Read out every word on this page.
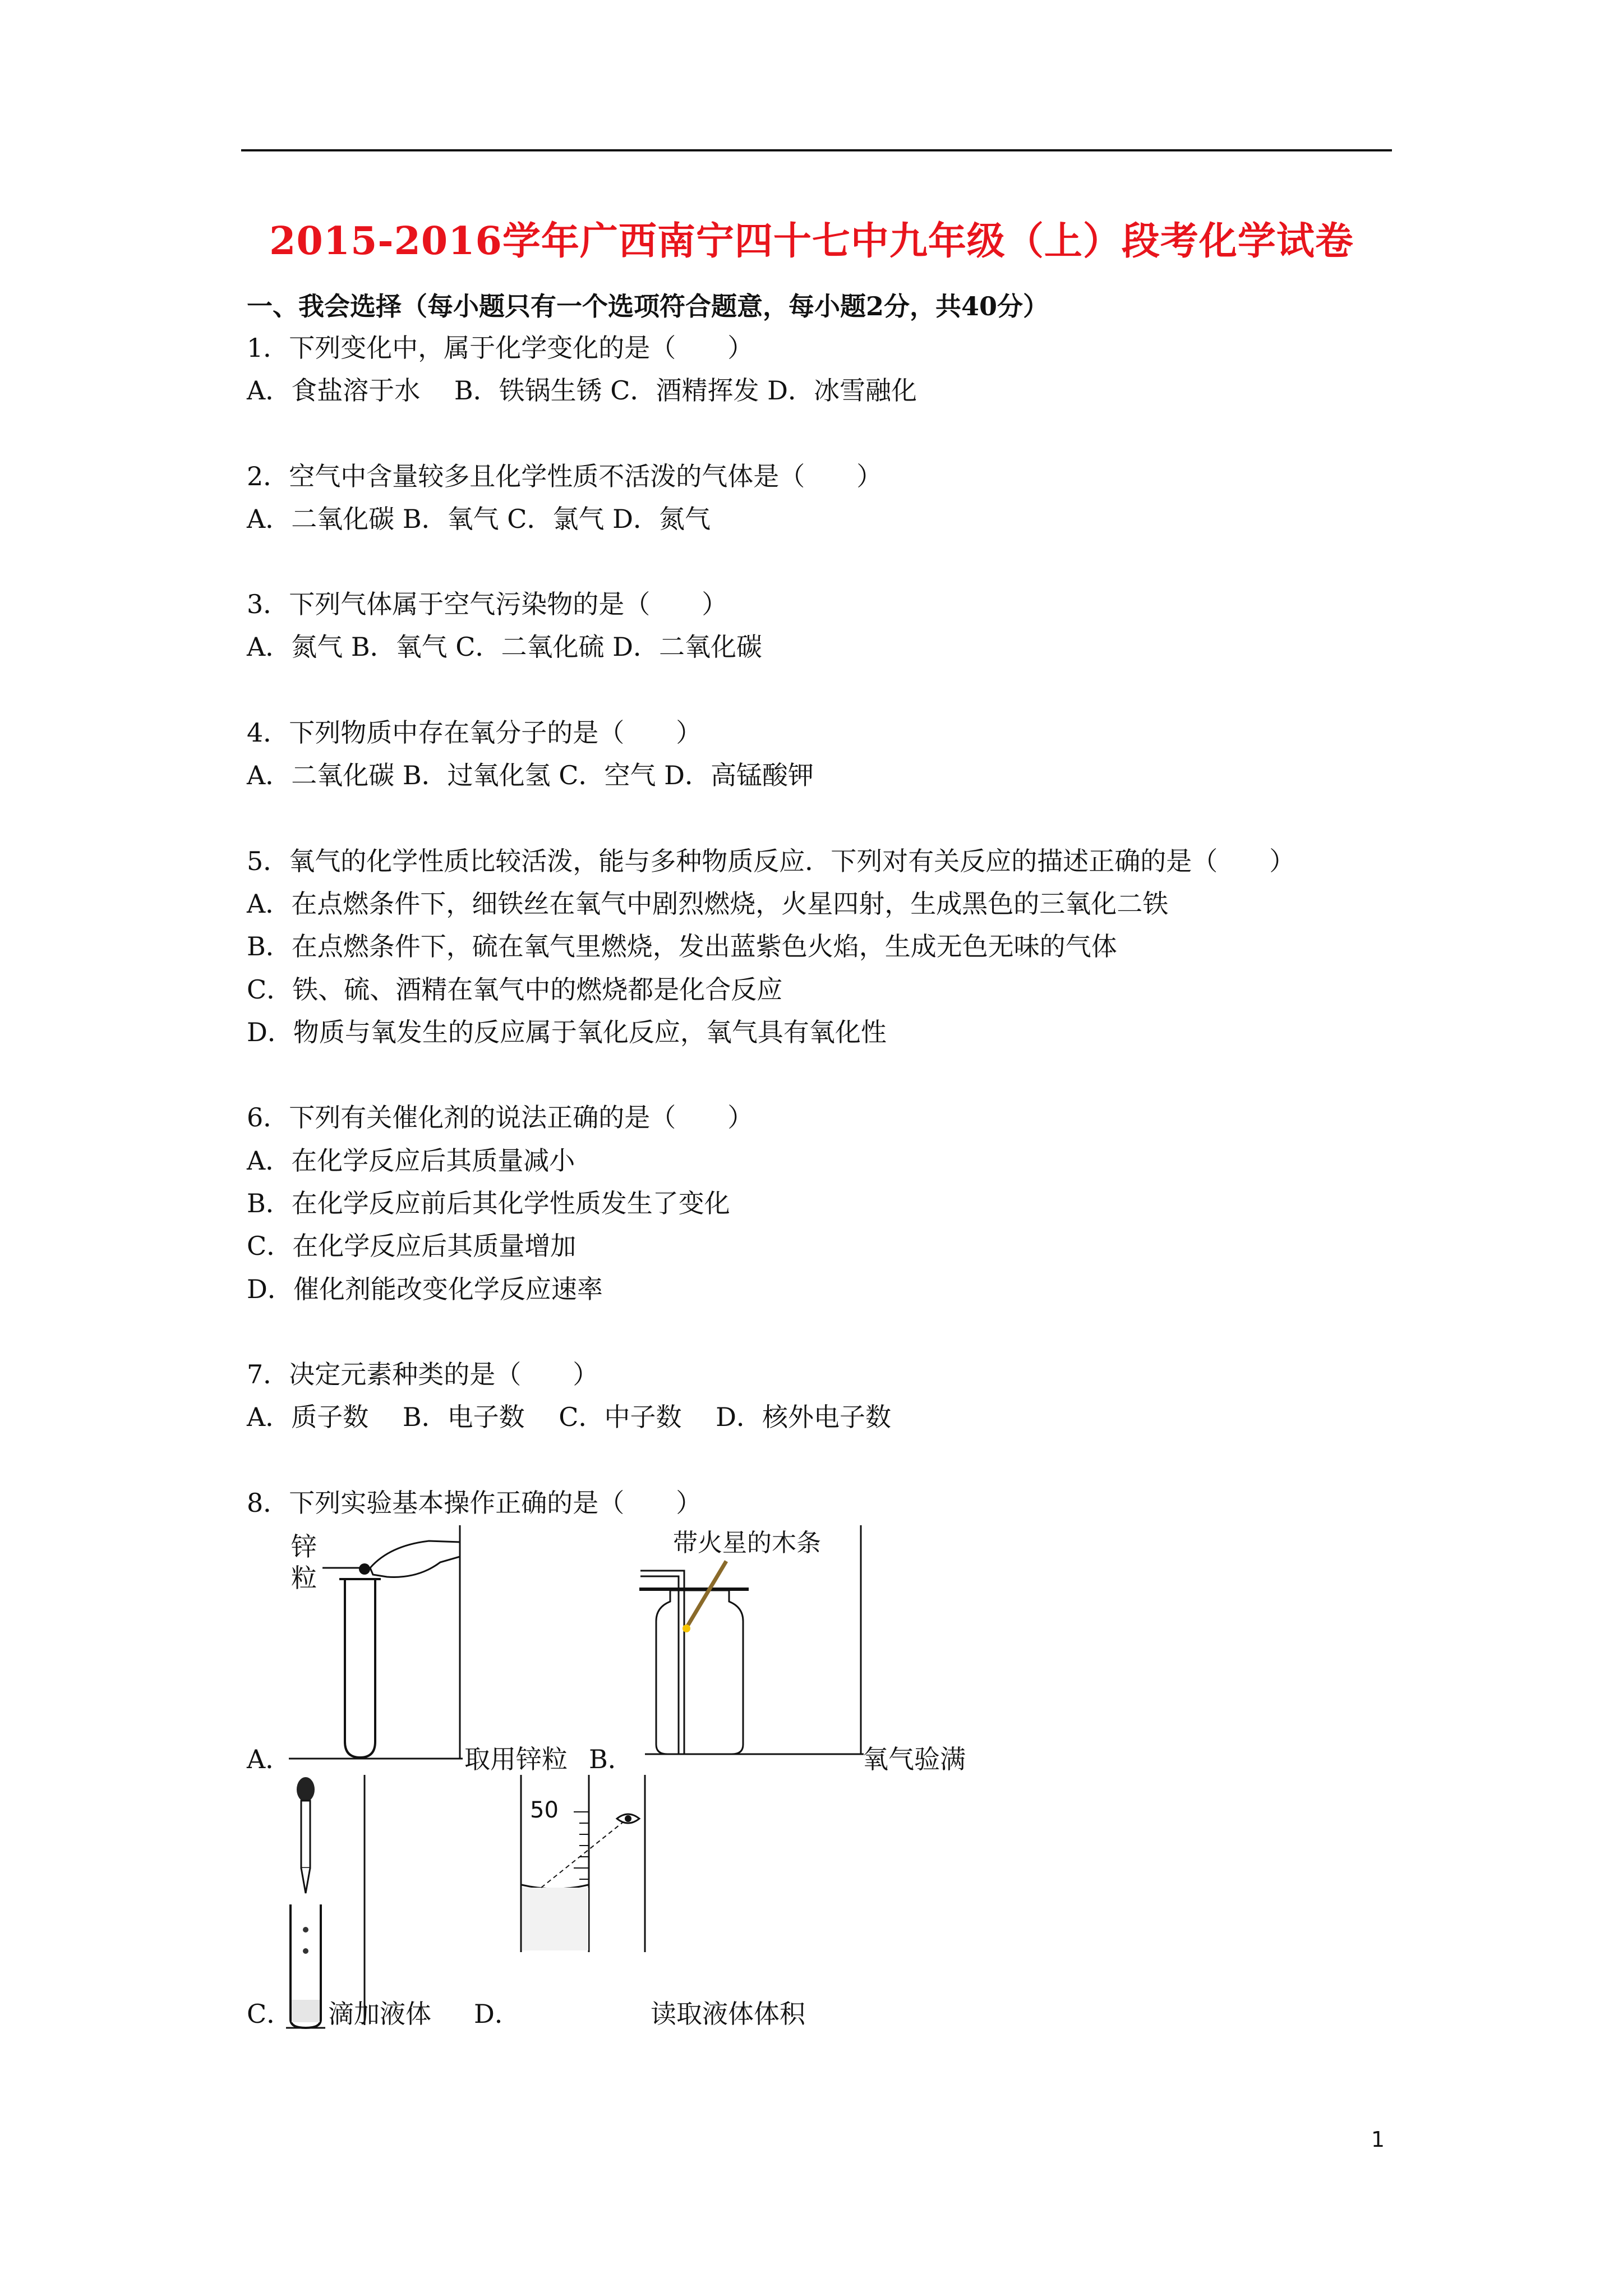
2015-2016学年广西南宁四十七中九年级（上）段考化学试卷
一、我会选择（每小题只有一个选项符合题意，每小题2分，共40分）
1．下列变化中，属于化学变化的是（　　）
A．食盐溶于水　 B．铁锅生锈 C．酒精挥发 D．冰雪融化
2．空气中含量较多且化学性质不活泼的气体是（　　）
A．二氧化碳 B．氧气 C．氯气 D．氮气
3．下列气体属于空气污染物的是（　　）
A．氮气 B．氧气 C．二氧化硫 D．二氧化碳
4．下列物质中存在氧分子的是（　　）
A．二氧化碳 B．过氧化氢 C．空气 D．高锰酸钾
5．氧气的化学性质比较活泼，能与多种物质反应．下列对有关反应的描述正确的是（　　）
A．在点燃条件下，细铁丝在氧气中剧烈燃烧，火星四射，生成黑色的三氧化二铁
B．在点燃条件下，硫在氧气里燃烧，发出蓝紫色火焰，生成无色无味的气体
C．铁、硫、酒精在氧气中的燃烧都是化合反应
D．物质与氧发生的反应属于氧化反应，氧气具有氧化性
6．下列有关催化剂的说法正确的是（　　）
A．在化学反应后其质量减小
B．在化学反应前后其化学性质发生了变化
C．在化学反应后其质量增加
D．催化剂能改变化学反应速率
7．决定元素种类的是（　　）
A．质子数　 B．电子数　 C．中子数　 D．核外电子数
8．下列实验基本操作正确的是（　　）
锌
粒
A．	取用锌粒 B．
带火星的木条
氧气验满
C． 滴加液体 D．
50
读取液体体积
1
